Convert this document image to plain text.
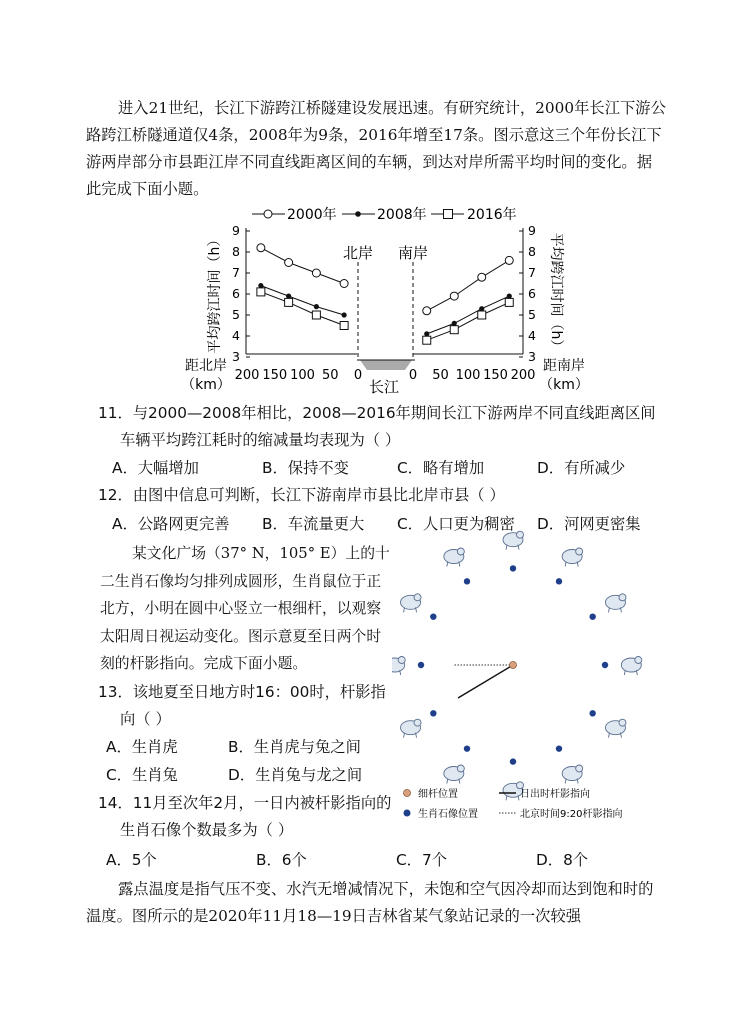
进入21世纪，长江下游跨江桥隧建设发展迅速。有研究统计，2000年长江下游公路跨江桥隧通道仅4条，2008年为9条，2016年增至17条。图示意这三个年份长江下游两岸部分市县距江岸不同直线距离区间的车辆，到达对岸所需平均时间的变化。据此完成下面小题。

2000年	2008年	2016年
平均跨江时间（h）
3
4
5
6
7
8
9
平均跨江时间（h）
3
4
5
6
7
8
9
200 150 100 50 0	0 50 100 150 200
长江
北岸 南岸
距北岸
（km）
距南岸
（km）

11．与2000—2008年相比，2008—2016年期间长江下游两岸不同直线距离区间车辆平均跨江耗时的缩减量均表现为（ ）

A．大幅增加	B．保持不变	C．略有增加	D．有所减少

12．由图中信息可判断，长江下游南岸市县比北岸市县（ ）

A．公路网更完善 B．车流量更大 C．人口更为稠密 D．河网更密集

某文化广场（37° N，105° E）上的十二生肖石像均匀排列成圆形，生肖鼠位于正北方，小明在圆中心竖立一根细杆，以观察太阳周日视运动变化。图示意夏至日两个时刻的杆影指向。完成下面小题。

13．该地夏至日地方时16：00时，杆影指向（ ）

A．生肖虎	B．生肖虎与兔之间
C．生肖兔	D．生肖兔与龙之间

14．11月至次年2月，一日内被杆影指向的生肖石像个数最多为（ ）

A．5个	B．6个	C．7个	D．8个
细杆位置
生肖石像位置
日出时杆影指向
北京时间9:20杆影指向

露点温度是指气压不变、水汽无增减情况下，未饱和空气因冷却而达到饱和时的温度。图所示的是2020年11月18—19日吉林省某气象站记录的一次较强
